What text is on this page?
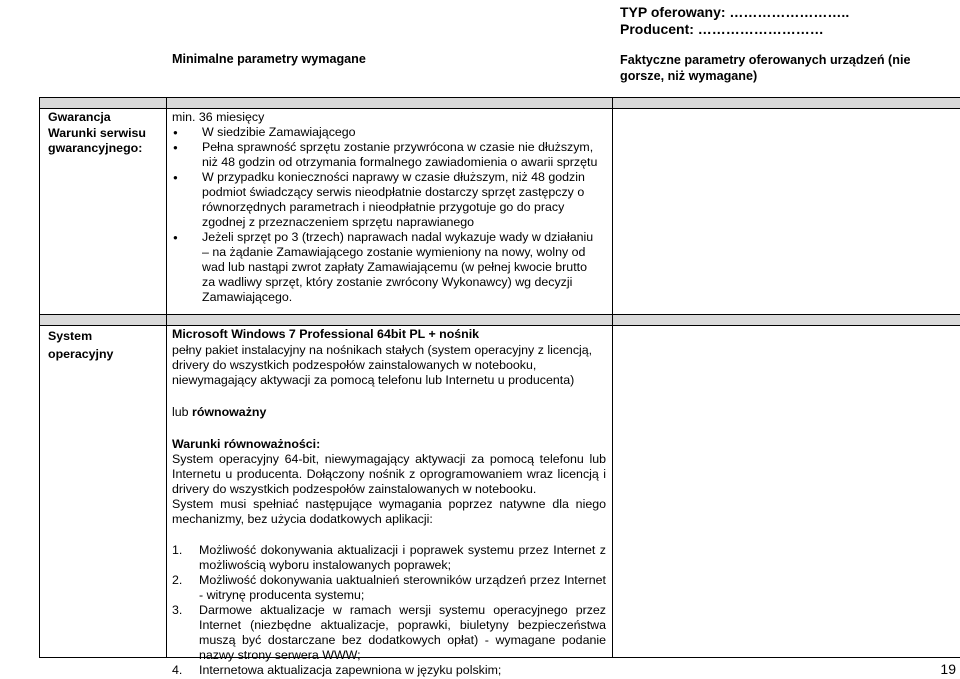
TYP oferowany: ……………………..
Producent: ………………………
Minimalne parametry wymagane	Faktyczne parametry oferowanych urządzeń (nie gorsze, niż wymagane)
Gwarancja
Warunki serwisu gwarancyjnego:
min. 36 miesięcy
● W siedzibie Zamawiającego
● Pełna sprawność sprzętu zostanie przywrócona w czasie nie dłuższym, niż 48 godzin od otrzymania formalnego zawiadomienia o awarii sprzętu
● W przypadku konieczności naprawy w czasie dłuższym, niż 48 godzin podmiot świadczący serwis nieodpłatnie dostarczy sprzęt zastępczy o równorzędnych parametrach i nieodpłatnie przygotuje go do pracy zgodnej z przeznaczeniem sprzętu naprawianego
● Jeżeli sprzęt po 3 (trzech) naprawach nadal wykazuje wady w działaniu – na żądanie Zamawiającego zostanie wymieniony na nowy, wolny od wad lub nastąpi zwrot zapłaty Zamawiającemu (w pełnej kwocie brutto za wadliwy sprzęt, który zostanie zwrócony Wykonawcy) wg decyzji Zamawiającego.
System operacyjny
Microsoft Windows 7 Professional 64bit PL + nośnik
pełny pakiet instalacyjny na nośnikach stałych (system operacyjny z licencją, drivery do wszystkich podzespołów zainstalowanych w notebooku, niewymagający aktywacji za pomocą telefonu lub Internetu u producenta)
lub równoważny
Warunki równoważności:
System operacyjny 64-bit, niewymagający aktywacji za pomocą telefonu lub Internetu u producenta. Dołączony nośnik z oprogramowaniem wraz licencją i drivery do wszystkich podzespołów zainstalowanych w notebooku.
System musi spełniać następujące wymagania poprzez natywne dla niego mechanizmy, bez użycia dodatkowych aplikacji:
1. Możliwość dokonywania aktualizacji i poprawek systemu przez Internet z możliwością wyboru instalowanych poprawek;
2. Możliwość dokonywania uaktualnień sterowników urządzeń przez Internet - witrynę producenta systemu;
3. Darmowe aktualizacje w ramach wersji systemu operacyjnego przez Internet (niezbędne aktualizacje, poprawki, biuletyny bezpieczeństwa muszą być dostarczane bez dodatkowych opłat) - wymagane podanie nazwy strony serwera WWW;
4. Internetowa aktualizacja zapewniona w języku polskim;	19
